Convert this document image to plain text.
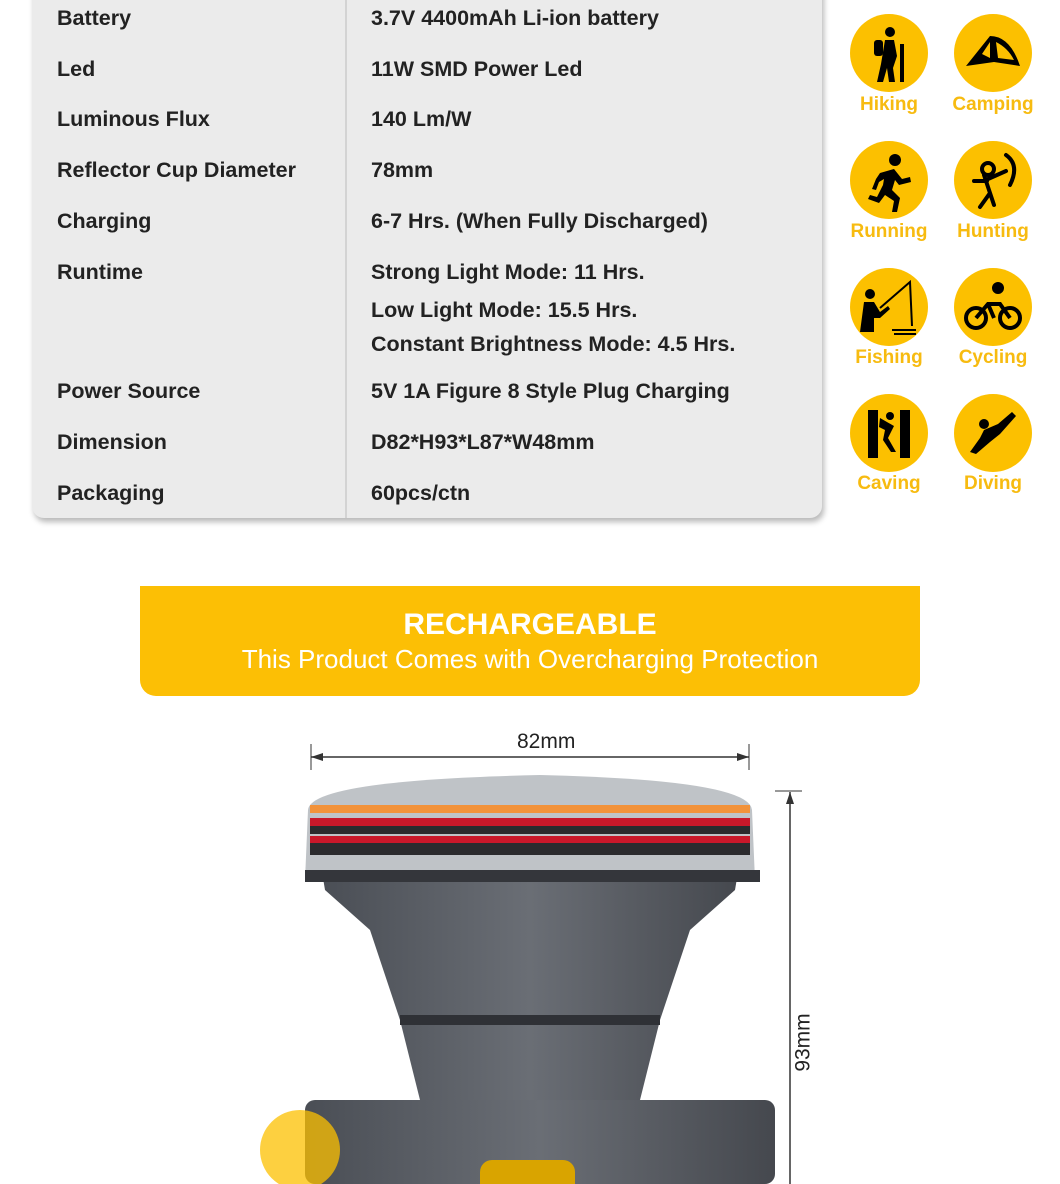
Battery	3.7V 4400mAh Li-ion battery
Led	11W SMD Power Led
Luminous Flux	140 Lm/W
Reflector Cup Diameter	78mm
Charging	6-7 Hrs. (When Fully Discharged)
Runtime	Strong Light Mode: 11 Hrs.
Low Light Mode: 15.5 Hrs.
Constant Brightness Mode: 4.5 Hrs.
Power Source	5V 1A Figure 8 Style Plug Charging
Dimension	D82*H93*L87*W48mm
Packaging	60pcs/ctn
Hiking	Camping
Running	Hunting
Fishing	Cycling
Caving	Diving
RECHARGEABLE
This Product Comes with Overcharging Protection
82mm
93mm
